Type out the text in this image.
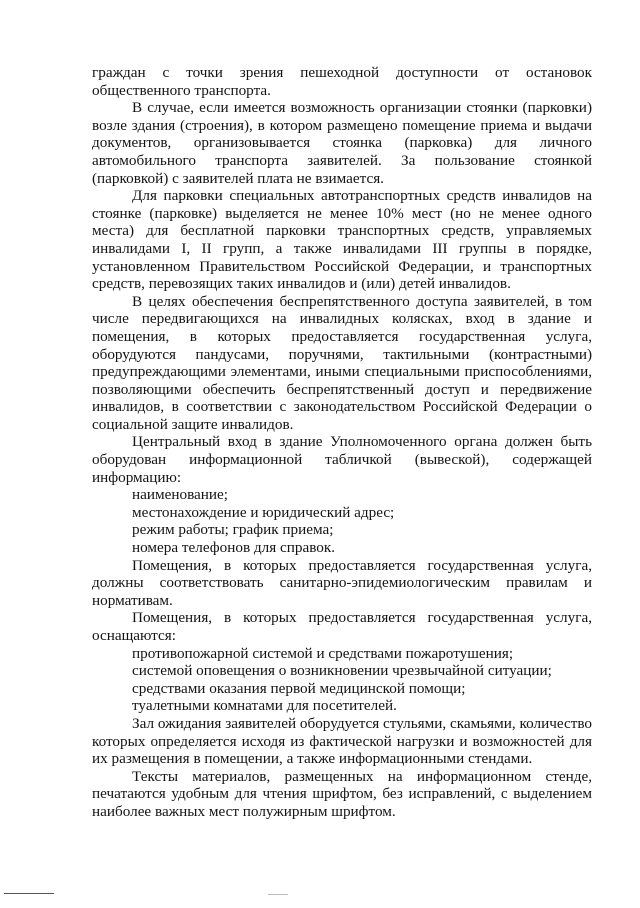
граждан с точки зрения пешеходной доступности от остановок общественного транспорта.

В случае, если имеется возможность организации стоянки (парковки) возле здания (строения), в котором размещено помещение приема и выдачи документов, организовывается стоянка (парковка) для личного автомобильного транспорта заявителей. За пользование стоянкой (парковкой) с заявителей плата не взимается.

Для парковки специальных автотранспортных средств инвалидов на стоянке (парковке) выделяется не менее 10% мест (но не менее одного места) для бесплатной парковки транспортных средств, управляемых инвалидами I, II групп, а также инвалидами III группы в порядке, установленном Правительством Российской Федерации, и транспортных средств, перевозящих таких инвалидов и (или) детей инвалидов.

В целях обеспечения беспрепятственного доступа заявителей, в том числе передвигающихся на инвалидных колясках, вход в здание и помещения, в которых предоставляется государственная услуга, оборудуются пандусами, поручнями, тактильными (контрастными) предупреждающими элементами, иными специальными приспособлениями, позволяющими обеспечить беспрепятственный доступ и передвижение инвалидов, в соответствии с законодательством Российской Федерации о социальной защите инвалидов.

Центральный вход в здание Уполномоченного органа должен быть оборудован информационной табличкой (вывеской), содержащей информацию:

наименование;

местонахождение и юридический адрес;

режим работы; график приема;

номера телефонов для справок.

Помещения, в которых предоставляется государственная услуга, должны соответствовать санитарно-эпидемиологическим правилам и нормативам.

Помещения, в которых предоставляется государственная услуга, оснащаются:

противопожарной системой и средствами пожаротушения;

системой оповещения о возникновении чрезвычайной ситуации;

средствами оказания первой медицинской помощи;

туалетными комнатами для посетителей.

Зал ожидания заявителей оборудуется стульями, скамьями, количество которых определяется исходя из фактической нагрузки и возможностей для их размещения в помещении, а также информационными стендами.

Тексты материалов, размещенных на информационном стенде, печатаются удобным для чтения шрифтом, без исправлений, с выделением наиболее важных мест полужирным шрифтом.
